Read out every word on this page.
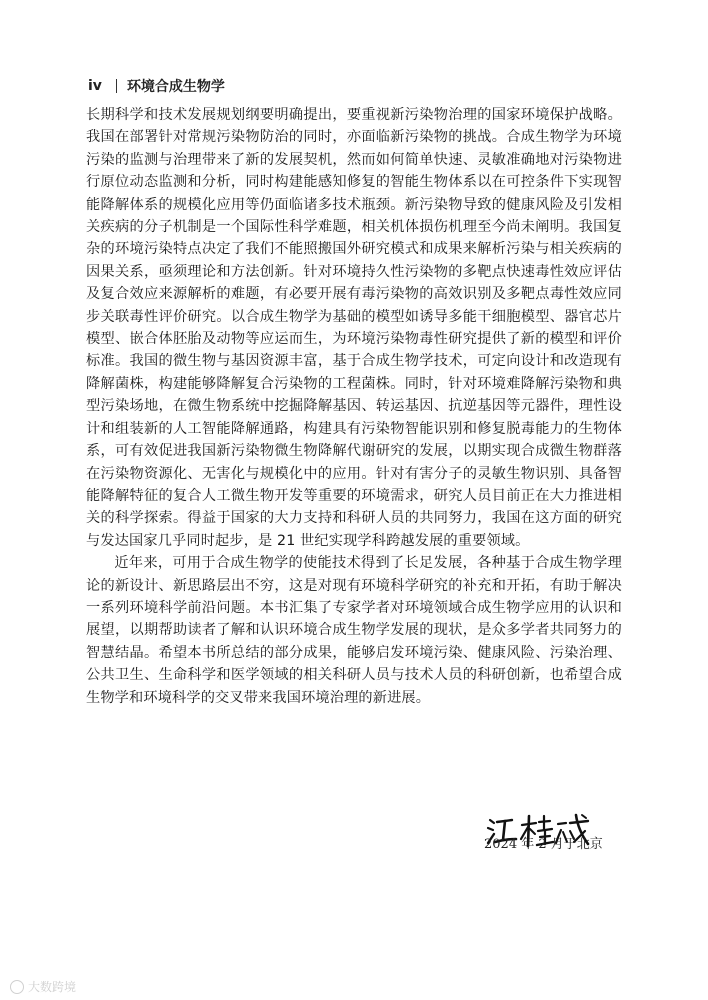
iv 环境合成生物学

长期科学和技术发展规划纲要明确提出，要重视新污染物治理的国家环境保护战略。我国在部署针对常规污染物防治的同时，亦面临新污染物的挑战。合成生物学为环境污染的监测与治理带来了新的发展契机，然而如何简单快速、灵敏准确地对污染物进行原位动态监测和分析，同时构建能感知修复的智能生物体系以在可控条件下实现智能降解体系的规模化应用等仍面临诸多技术瓶颈。新污染物导致的健康风险及引发相关疾病的分子机制是一个国际性科学难题，相关机体损伤机理至今尚未阐明。我国复杂的环境污染特点决定了我们不能照搬国外研究模式和成果来解析污染与相关疾病的因果关系，亟须理论和方法创新。针对环境持久性污染物的多靶点快速毒性效应评估及复合效应来源解析的难题，有必要开展有毒污染物的高效识别及多靶点毒性效应同步关联毒性评价研究。以合成生物学为基础的模型如诱导多能干细胞模型、器官芯片模型、嵌合体胚胎及动物等应运而生，为环境污染物毒性研究提供了新的模型和评价标准。我国的微生物与基因资源丰富，基于合成生物学技术，可定向设计和改造现有降解菌株，构建能够降解复合污染物的工程菌株。同时，针对环境难降解污染物和典型污染场地，在微生物系统中挖掘降解基因、转运基因、抗逆基因等元器件，理性设计和组装新的人工智能降解通路，构建具有污染物智能识别和修复脱毒能力的生物体系，可有效促进我国新污染物微生物降解代谢研究的发展，以期实现合成微生物群落在污染物资源化、无害化与规模化中的应用。针对有害分子的灵敏生物识别、具备智能降解特征的复合人工微生物开发等重要的环境需求，研究人员目前正在大力推进相关的科学探索。得益于国家的大力支持和科研人员的共同努力，我国在这方面的研究与发达国家几乎同时起步，是 21 世纪实现学科跨越发展的重要领域。

近年来，可用于合成生物学的使能技术得到了长足发展，各种基于合成生物学理论的新设计、新思路层出不穷，这是对现有环境科学研究的补充和开拓，有助于解决一系列环境科学前沿问题。本书汇集了专家学者对环境领域合成生物学应用的认识和展望，以期帮助读者了解和认识环境合成生物学发展的现状，是众多学者共同努力的智慧结晶。希望本书所总结的部分成果，能够启发环境污染、健康风险、污染治理、公共卫生、生命科学和医学领域的相关科研人员与技术人员的科研创新，也希望合成生物学和环境科学的交叉带来我国环境治理的新进展。

2024 年 2 月于北京
大数跨境
